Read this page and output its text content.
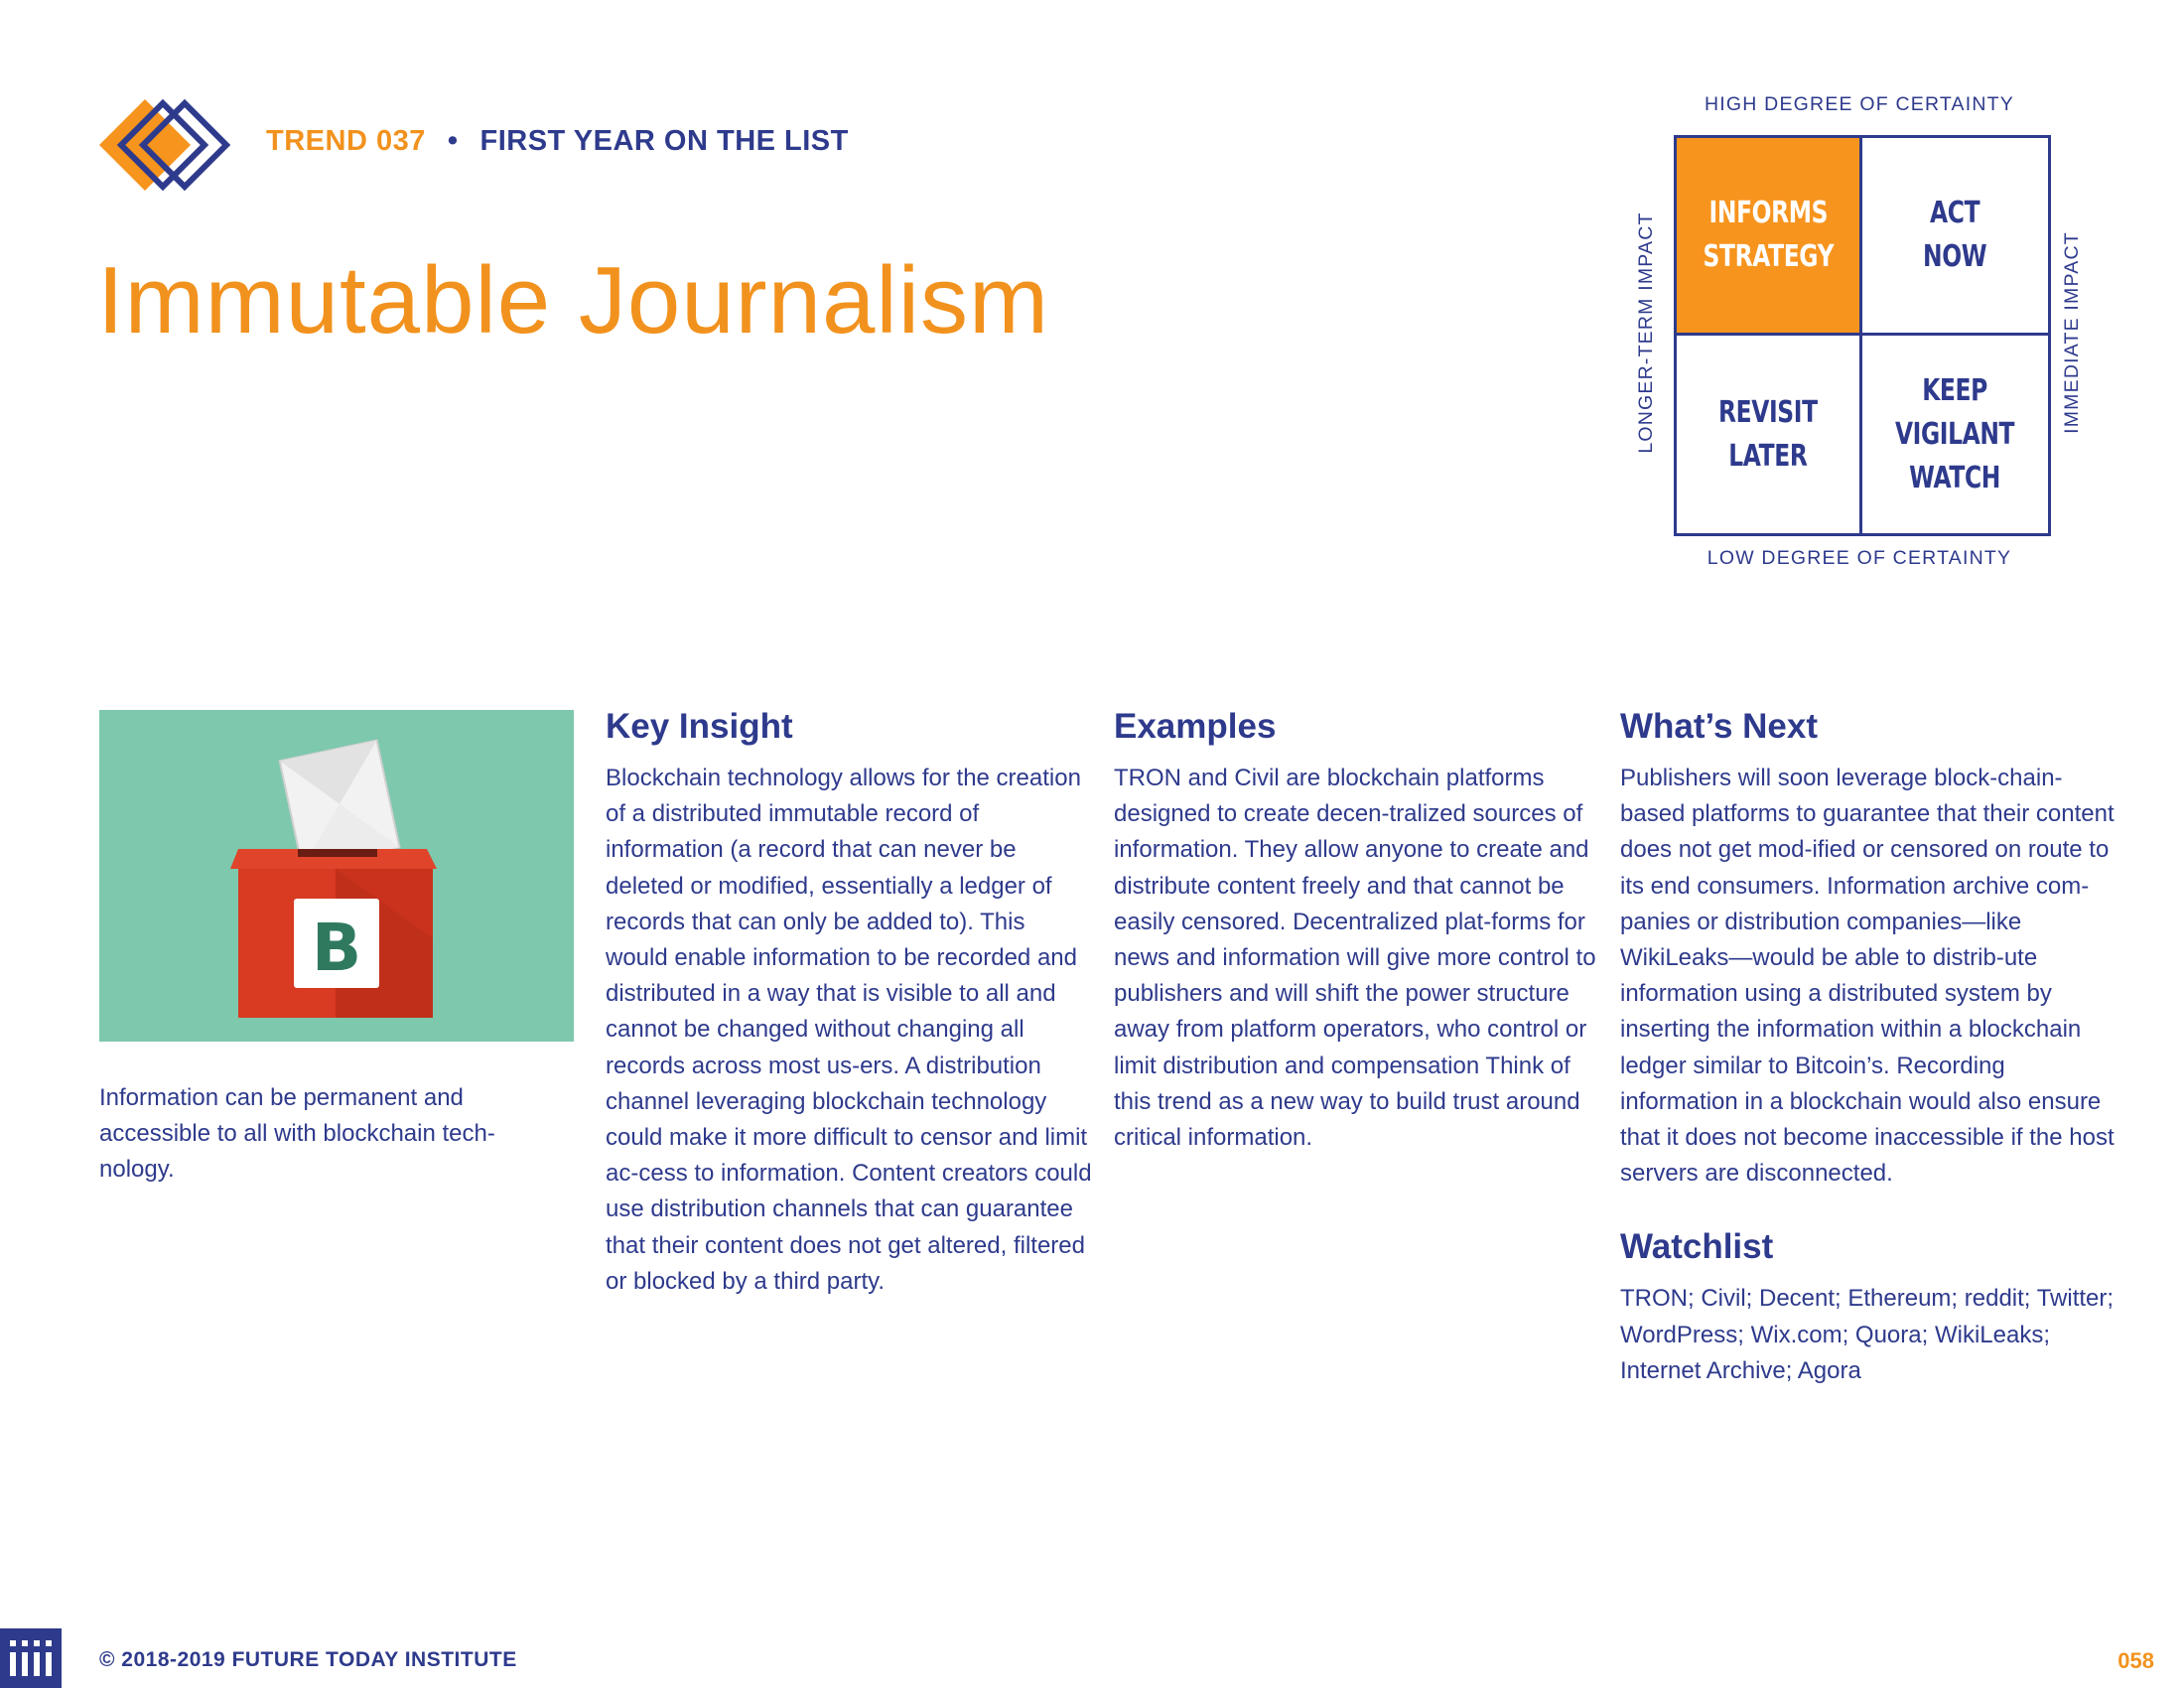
TREND 037 • FIRST YEAR ON THE LIST
Immutable Journalism
HIGH DEGREE OF CERTAINTY
LONGER-TERM IMPACT INFORMS
STRATEGY
ACT
NOW
REVISIT
LATER
KEEP
VIGILANT
WATCH
IMMEDIATE IMPACT
LOW DEGREE OF CERTAINTY
B

Information can be permanent and accessible to all with blockchain tech-nology.

Key Insight

Blockchain technology allows for the creation of a distributed immutable record of information (a record that can never be deleted or modified, essentially a ledger of records that can only be added to). This would enable information to be recorded and distributed in a way that is visible to all and cannot be changed without changing all records across most us-ers. A distribution channel leveraging blockchain technology could make it more difficult to censor and limit ac-cess to information. Content creators could use distribution channels that can guarantee that their content does not get altered, filtered or blocked by a third party.

Examples

TRON and Civil are blockchain platforms designed to create decen-tralized sources of information. They allow anyone to create and distribute content freely and that cannot be easily censored. Decentralized plat-forms for news and information will give more control to publishers and will shift the power structure away from platform operators, who control or limit distribution and compensation Think of this trend as a new way to build trust around critical information.

What’s Next

Publishers will soon leverage block-chain-based platforms to guarantee that their content does not get mod-ified or censored on route to its end consumers. Information archive com-panies or distribution companies—like WikiLeaks—would be able to distrib-ute information using a distributed system by inserting the information within a blockchain ledger similar to Bitcoin’s. Recording information in a blockchain would also ensure that it does not become inaccessible if the host servers are disconnected.

Watchlist

TRON; Civil; Decent; Ethereum; reddit; Twitter; WordPress; Wix.com; Quora; WikiLeaks; Internet Archive; Agora

© 2018-2019 FUTURE TODAY INSTITUTE	058
